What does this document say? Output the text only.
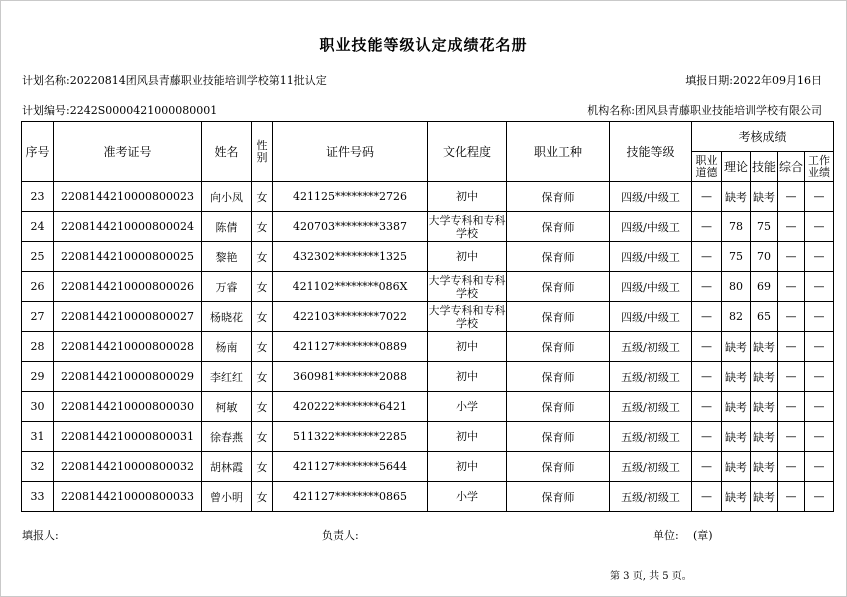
职业技能等级认定成绩花名册
计划名称:20220814团风县青藤职业技能培训学校第11批认定	填报日期:2022年09月16日
计划编号:2242S0000421000080001	机构名称:团风县青藤职业技能培训学校有限公司
序号	准考证号	姓名	性别	证件号码	文化程度	职业工种	技能等级	考核成绩				
								职业道德	理论	技能	综合	工作业绩
23	2208144210000800023	向小凤	女	421125********2726	初中	保育师	四级/中级工	—	缺考	缺考	—	—
24	2208144210000800024	陈倩	女	420703********3387	大学专科和专科学校	保育师	四级/中级工	—	78	75	—	—
25	2208144210000800025	黎艳	女	432302********1325	初中	保育师	四级/中级工	—	75	70	—	—
26	2208144210000800026	万睿	女	421102********086X	大学专科和专科学校	保育师	四级/中级工	—	80	69	—	—
27	2208144210000800027	杨晓花	女	422103********7022	大学专科和专科学校	保育师	四级/中级工	—	82	65	—	—
28	2208144210000800028	杨南	女	421127********0889	初中	保育师	五级/初级工	—	缺考	缺考	—	—
29	2208144210000800029	李红红	女	360981********2088	初中	保育师	五级/初级工	—	缺考	缺考	—	—
30	2208144210000800030	柯敏	女	420222********6421	小学	保育师	五级/初级工	—	缺考	缺考	—	—
31	2208144210000800031	徐春燕	女	511322********2285	初中	保育师	五级/初级工	—	缺考	缺考	—	—
32	2208144210000800032	胡林霞	女	421127********5644	初中	保育师	五级/初级工	—	缺考	缺考	—	—
33	2208144210000800033	曾小明	女	421127********0865	小学	保育师	五级/初级工	—	缺考	缺考	—	—
填报人:	负责人:	单位: (章)
第 3 页, 共 5 页。
